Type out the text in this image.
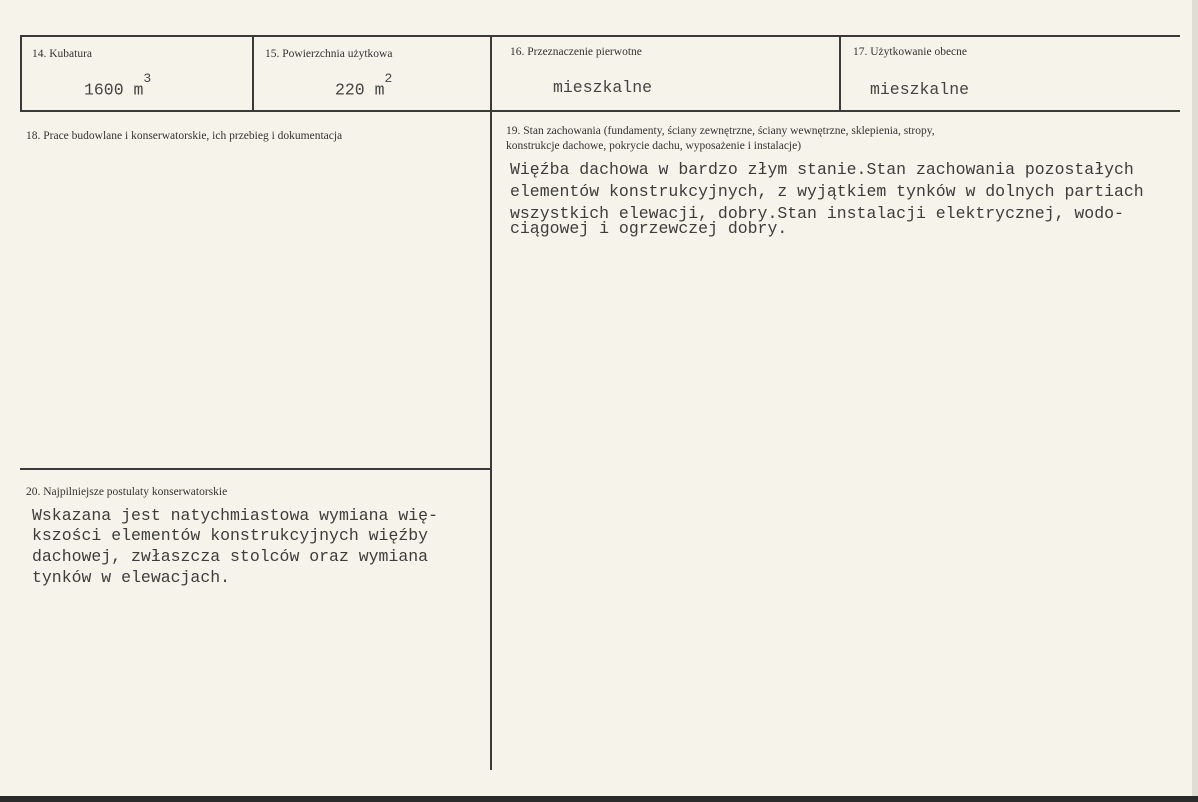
14. Kubatura
1600 $m^3$
15. Powierzchnia użytkowa
220 $m^2$
16. Przeznaczenie pierwotne
mieszkalne
17. Użytkowanie obecne
mieszkalne
18. Prace budowlane i konserwatorskie, ich przebieg i dokumentacja	19. Stan zachowania (fundamenty, ściany zewnętrzne, ściany wewnętrzne, sklepienia, stropy,
konstrukcje dachowe, pokrycie dachu, wyposażenie i instalacje)
Więźba dachowa w bardzo złym stanie.Stan zachowania pozostałych
elementów konstrukcyjnych, z wyjątkiem tynków w dolnych partiach
wszystkich elewacji, dobry.Stan instalacji elektrycznej, wodo-
ciągowej i ogrzewczej dobry.
20. Najpilniejsze postulaty konserwatorskie
Wskazana jest natychmiastowa wymiana wię-
kszości elementów konstrukcyjnych więźby
dachowej, zwłaszcza stolców oraz wymiana
tynków w elewacjach.
